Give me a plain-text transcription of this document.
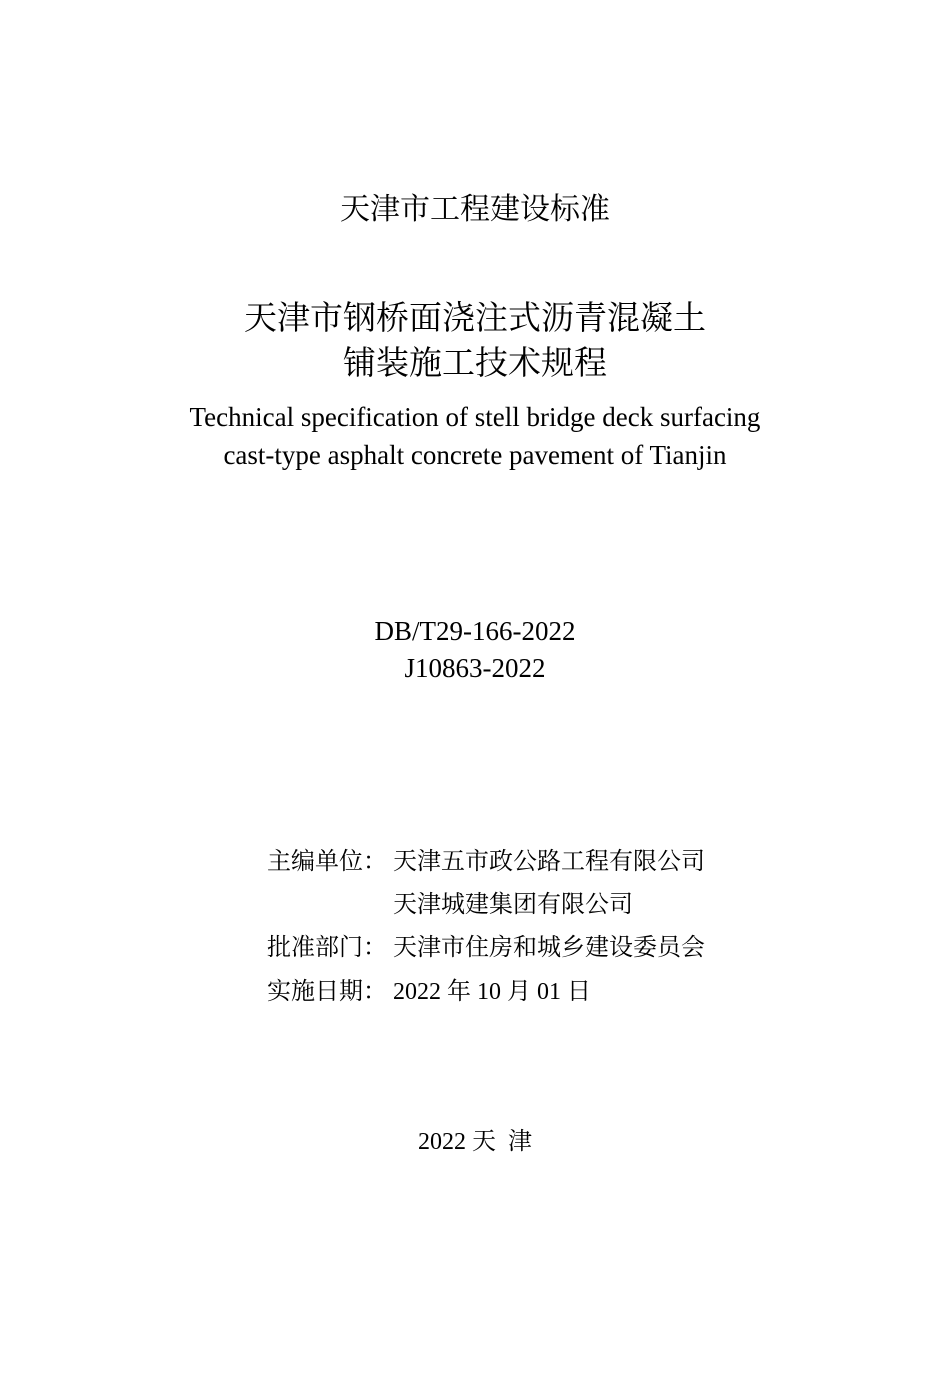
天津市工程建设标准
天津市钢桥面浇注式沥青混凝土
铺装施工技术规程
Technical specification of stell bridge deck surfacing
cast-type asphalt concrete pavement of Tianjin
DB/T29-166-2022
J10863-2022
主编单位： 天津五市政公路工程有限公司
天津城建集团有限公司
批准部门： 天津市住房和城乡建设委员会
实施日期： 2022 年 10 月 01 日
2022 天  津
